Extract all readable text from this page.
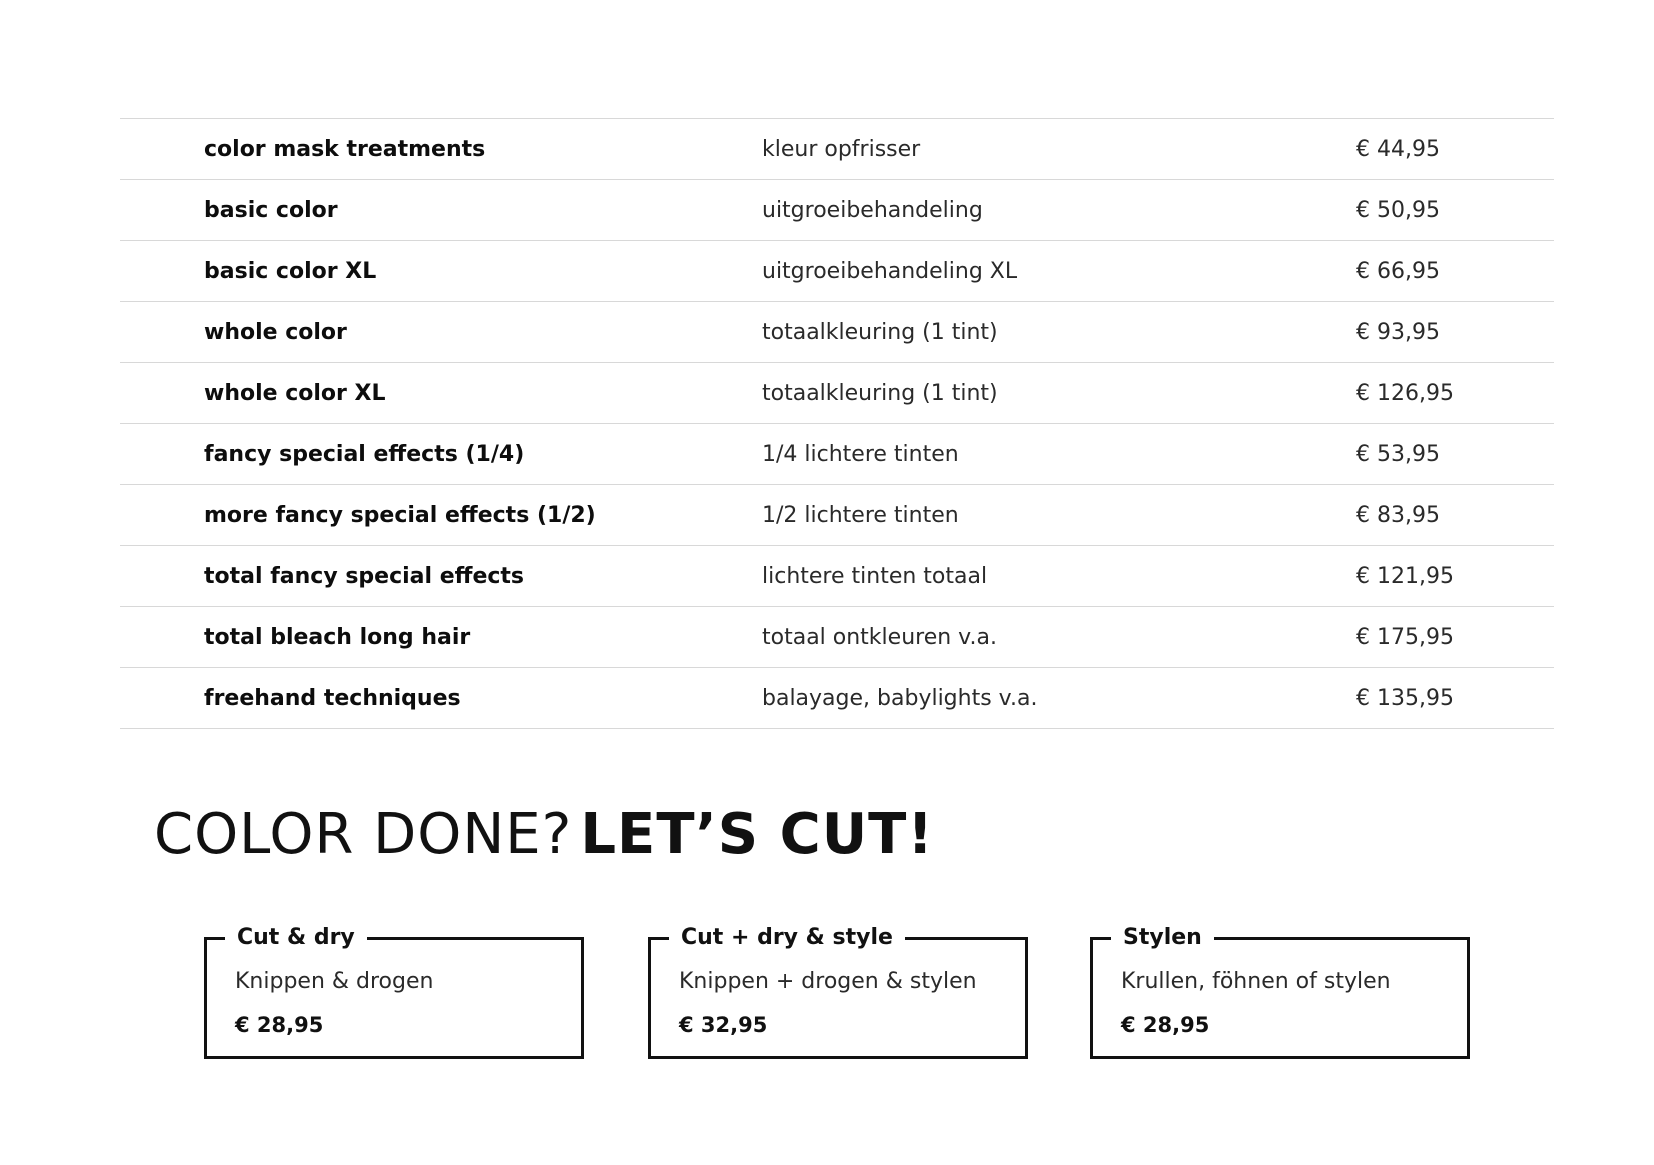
color mask treatments	kleur opfrisser	€ 44,95
basic color	uitgroeibehandeling	€ 50,95
basic color XL	uitgroeibehandeling XL	€ 66,95
whole color	totaalkleuring (1 tint)	€ 93,95
whole color XL	totaalkleuring (1 tint)	€ 126,95
fancy special effects (1/4)	1/4 lichtere tinten	€ 53,95
more fancy special effects (1/2)	1/2 lichtere tinten	€ 83,95
total fancy special effects	lichtere tinten totaal	€ 121,95
total bleach long hair	totaal ontkleuren v.a.	€ 175,95
freehand techniques	balayage, babylights v.a.	€ 135,95
COLOR DONE? LET’S CUT!
Cut & dry
Knippen & drogen
€ 28,95
Cut + dry & style
Knippen + drogen & stylen
€ 32,95
Stylen
Krullen, föhnen of stylen
€ 28,95
